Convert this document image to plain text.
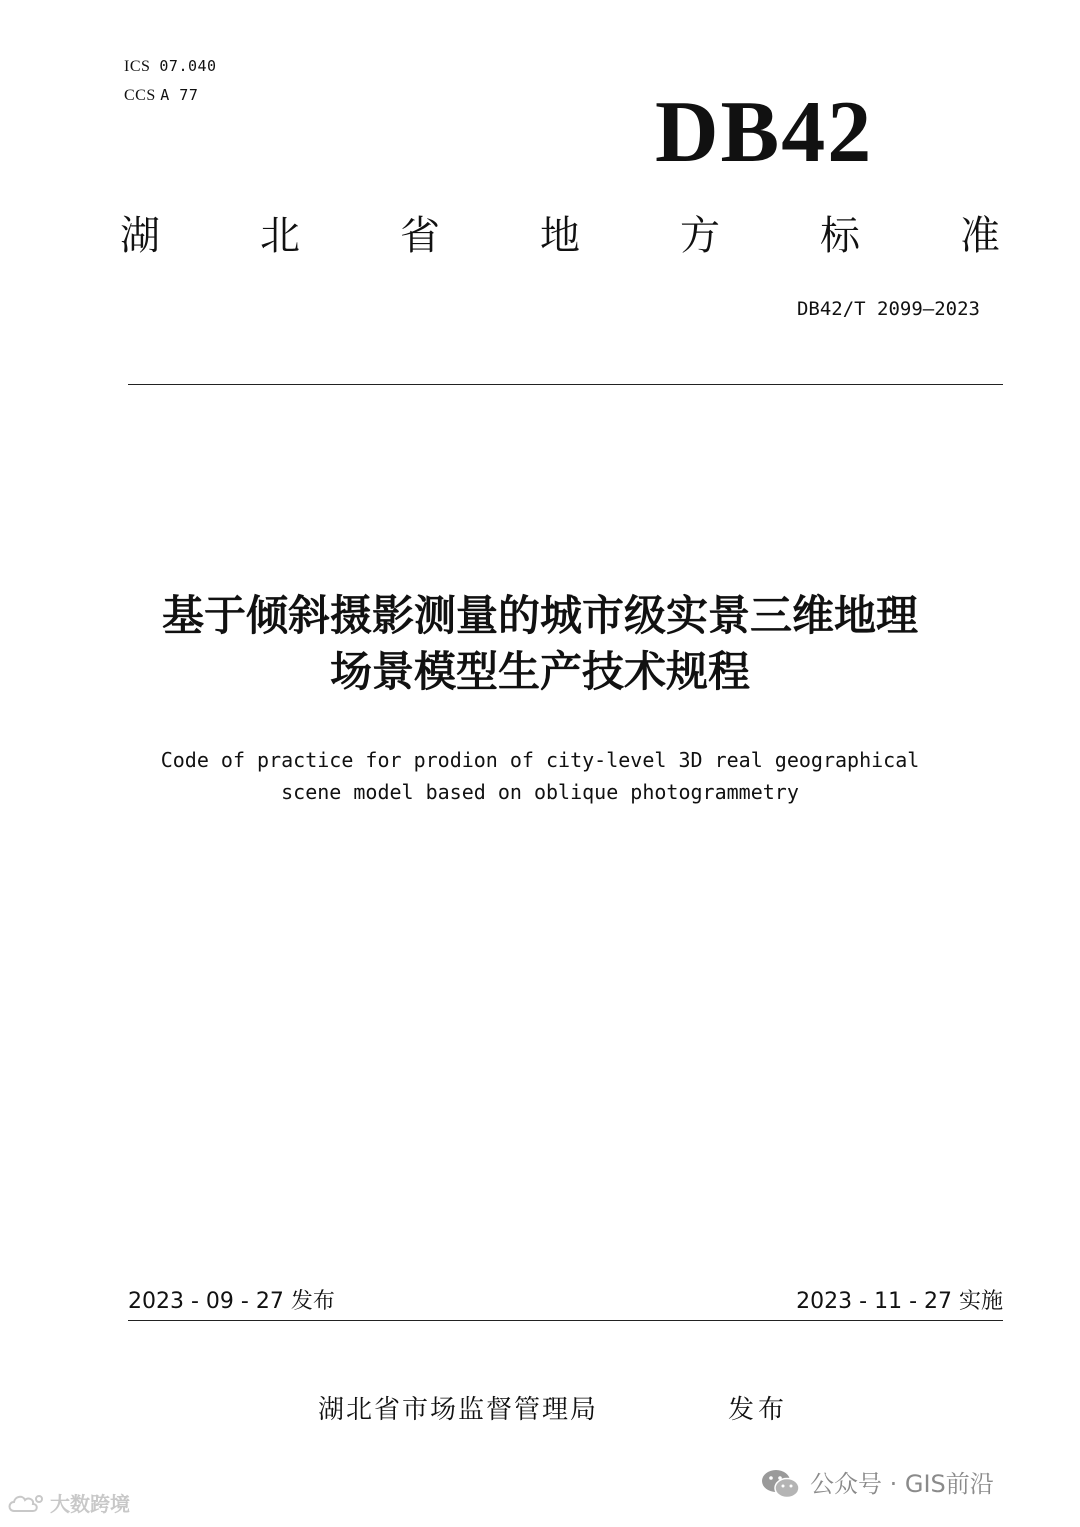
ICS 07.040
CCS A 77	DB42
湖	北	省	地	方	标	准
DB42/T 2099—2023
基于倾斜摄影测量的城市级实景三维地理
场景模型生产技术规程
Code of practice for prodion of city-level 3D real geographical
scene model based on oblique photogrammetry
2023 - 09 - 27 发布	2023 - 11 - 27 实施
湖北省市场监督管理局	发布
大数跨境
公众号 · GIS前沿
